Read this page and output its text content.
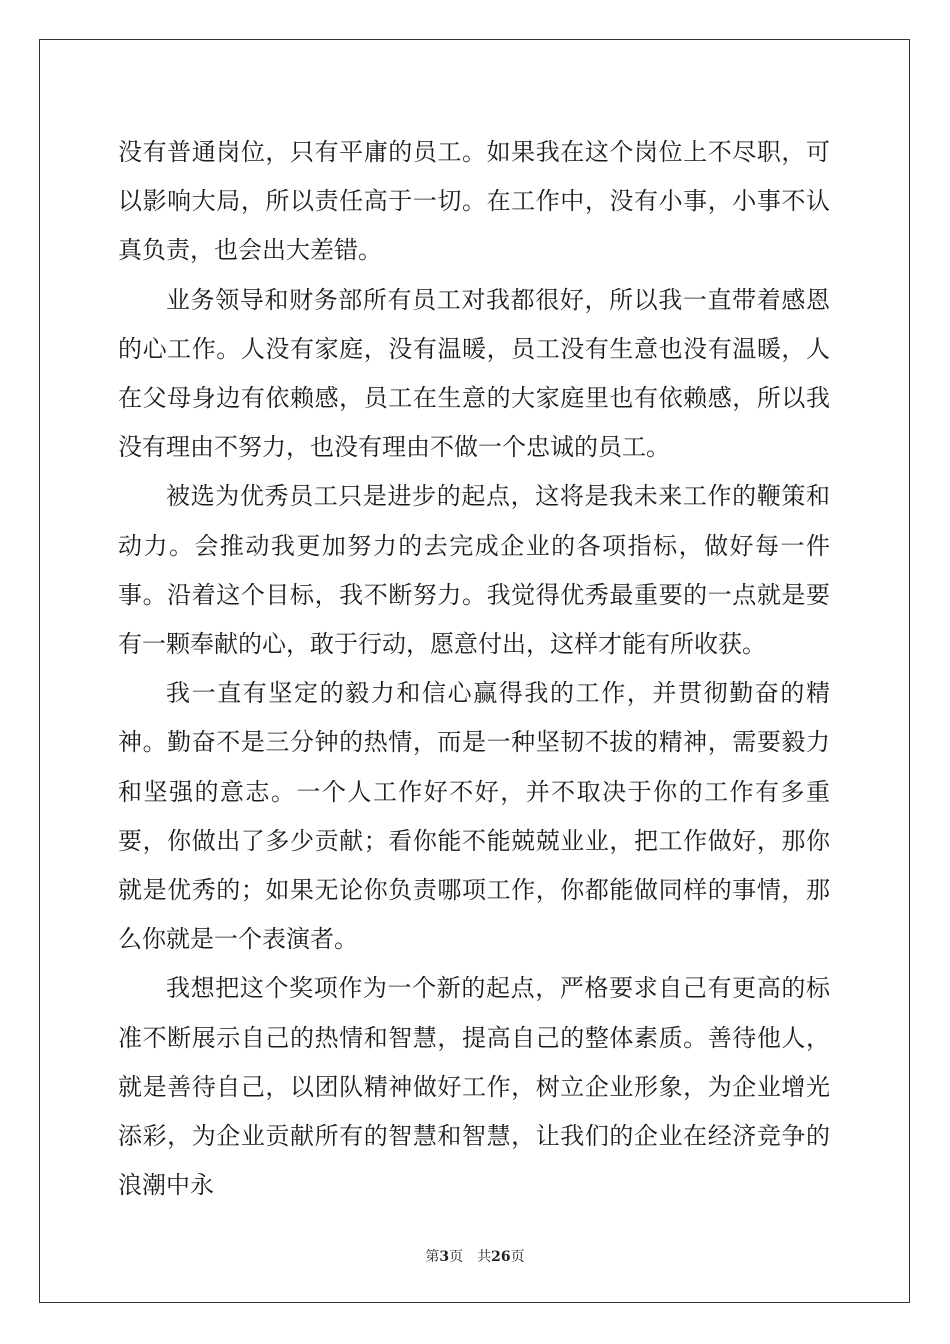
没有普通岗位，只有平庸的员工。如果我在这个岗位上不尽职，可以影响大局，所以责任高于一切。在工作中，没有小事，小事不认真负责，也会出大差错。

业务领导和财务部所有员工对我都很好，所以我一直带着感恩的心工作。人没有家庭，没有温暖，员工没有生意也没有温暖，人在父母身边有依赖感，员工在生意的大家庭里也有依赖感，所以我没有理由不努力，也没有理由不做一个忠诚的员工。

被选为优秀员工只是进步的起点，这将是我未来工作的鞭策和动力。会推动我更加努力的去完成企业的各项指标，做好每一件事。沿着这个目标，我不断努力。我觉得优秀最重要的一点就是要有一颗奉献的心，敢于行动，愿意付出，这样才能有所收获。

我一直有坚定的毅力和信心赢得我的工作，并贯彻勤奋的精神。勤奋不是三分钟的热情，而是一种坚韧不拔的精神，需要毅力和坚强的意志。一个人工作好不好，并不取决于你的工作有多重要，你做出了多少贡献；看你能不能兢兢业业，把工作做好，那你就是优秀的；如果无论你负责哪项工作，你都能做同样的事情，那么你就是一个表演者。

我想把这个奖项作为一个新的起点，严格要求自己有更高的标准不断展示自己的热情和智慧，提高自己的整体素质。善待他人，就是善待自己，以团队精神做好工作，树立企业形象，为企业增光添彩，为企业贡献所有的智慧和智慧，让我们的企业在经济竞争的浪潮中永

第3页 共26页
